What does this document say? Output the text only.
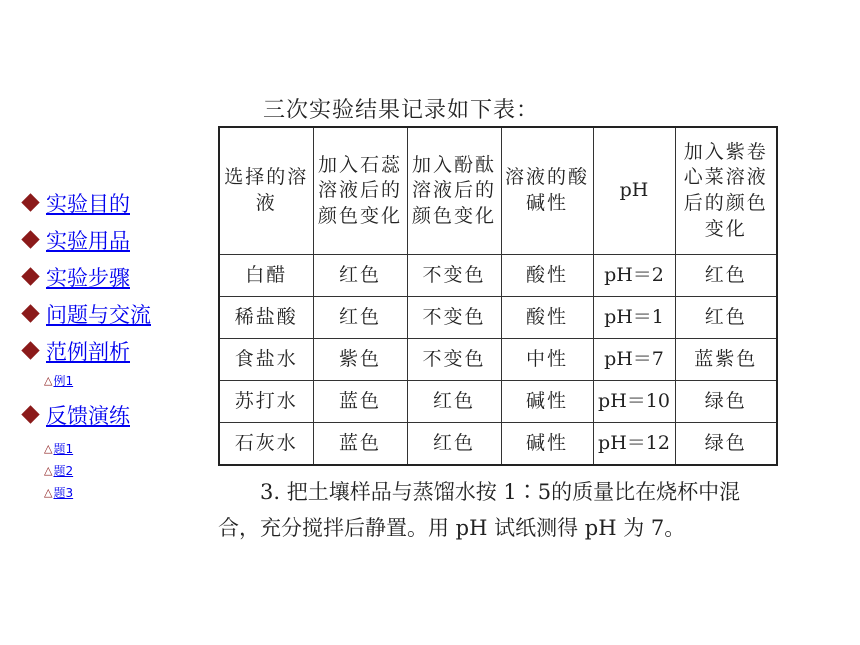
实验目的
实验用品
实验步骤
问题与交流
范例剖析
△ 例1
反馈演练
△ 题1
△ 题2
△ 题3
三次实验结果记录如下表：
选择的溶液	加入石蕊溶液后的颜色变化	加入酚酞溶液后的颜色变化	溶液的酸碱性	pH	加入紫卷心菜溶液后的颜色变化
白醋	红色	不变色	酸性	pH＝2	红色
稀盐酸	红色	不变色	酸性	pH＝1	红色
食盐水	紫色	不变色	中性	pH＝7	蓝紫色
苏打水	蓝色	红色	碱性	pH＝10	绿色
石灰水	蓝色	红色	碱性	pH＝12	绿色
3. 把土壤样品与蒸馏水按 1∶5的质量比在烧杯中混
合，充分搅拌后静置。用 pH 试纸测得 pH 为 7。
